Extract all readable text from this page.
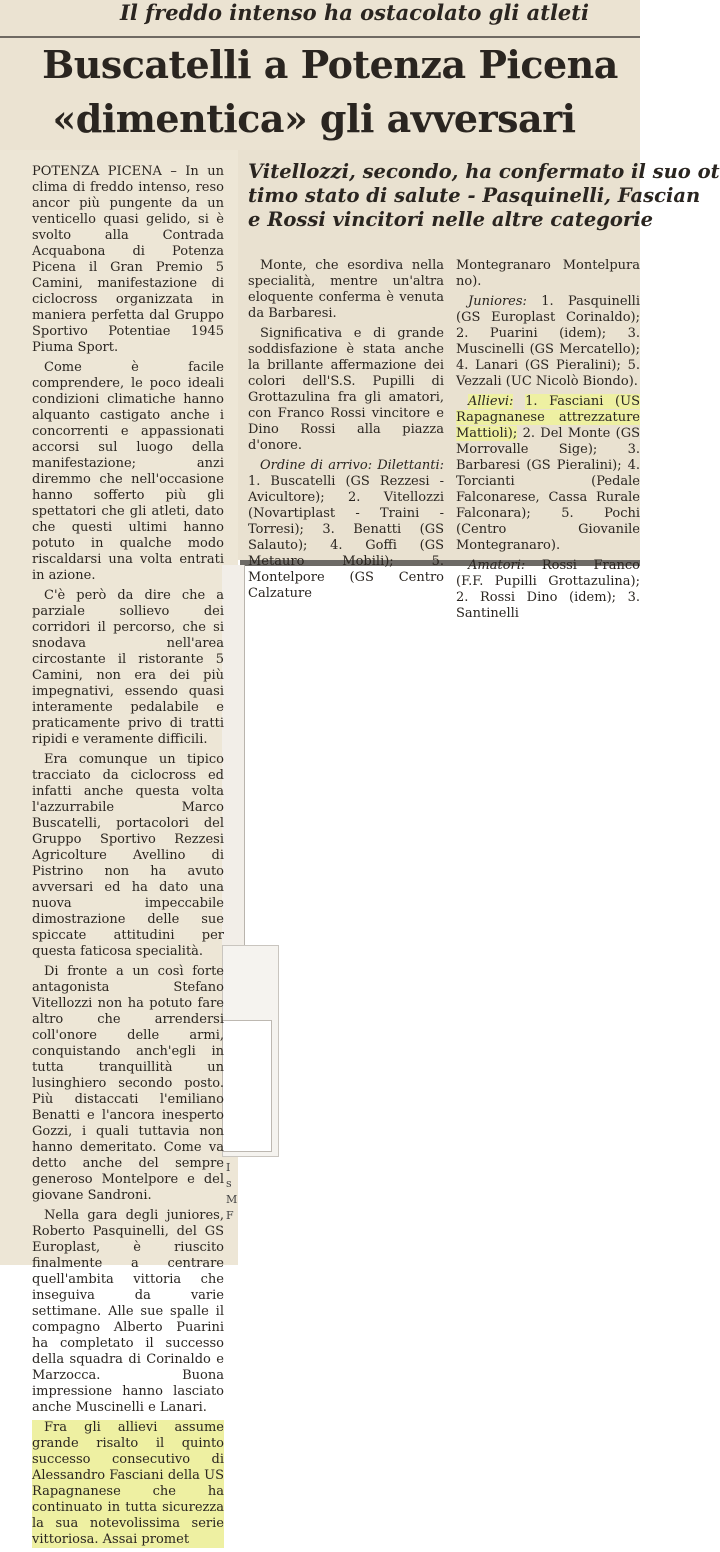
Il freddo intenso ha ostacolato gli atleti
Buscatelli a Potenza Picena
«dimentica» gli avversari
Vitellozzi, secondo, ha confermato il suo ot
timo stato di salute - Pasquinelli, Fascian
e Rossi vincitori nelle altre categorie

POTENZA PICENA – In un clima di freddo intenso, reso ancor più pungente da un venticello quasi gelido, si è svolto alla Contrada Acquabona di Potenza Picena il Gran Premio 5 Camini, manifestazione di ciclocross organizzata in maniera perfetta dal Gruppo Sportivo Potentiae 1945 Piuma Sport.

Come è facile comprendere, le poco ideali condizioni climatiche hanno alquanto castigato anche i concorrenti e appassionati accorsi sul luogo della manifestazione; anzi diremmo che nell'occasione hanno sofferto più gli spettatori che gli atleti, dato che questi ultimi hanno potuto in qualche modo riscaldarsi una volta entrati in azione.

C'è però da dire che a parziale sollievo dei corridori il percorso, che si snodava nell'area circostante il ristorante 5 Camini, non era dei più impegnativi, essendo quasi interamente pedalabile e praticamente privo di tratti ripidi e veramente difficili.

Era comunque un tipico tracciato da ciclocross ed infatti anche questa volta l'azzurrabile Marco Buscatelli, portacolori del Gruppo Sportivo Rezzesi Agricolture Avellino di Pistrino non ha avuto avversari ed ha dato una nuova impeccabile dimostrazione delle sue spiccate attitudini per questa faticosa specialità.

Di fronte a un così forte antagonista Stefano Vitellozzi non ha potuto fare altro che arrendersi coll'onore delle armi, conquistando anch'egli in tutta tranquillità un lusinghiero secondo posto. Più distaccati l'emiliano Benatti e l'ancora inesperto Gozzi, i quali tuttavia non hanno demeritato. Come va detto anche del sempre generoso Montelpore e del giovane Sandroni.

Nella gara degli juniores, Roberto Pasquinelli, del GS Europlast, è riuscito finalmente a centrare quell'ambita vittoria che inseguiva da varie settimane. Alle sue spalle il compagno Alberto Puarini ha completato il successo della squadra di Corinaldo e Marzocca. Buona impressione hanno lasciato anche Muscinelli e Lanari.

Fra gli allievi assume grande risalto il quinto successo consecutivo di Alessandro Fasciani della US Rapagnanese che ha continuato in tutta sicurezza la sua notevolissima serie vittoriosa. Assai promet

Monte, che esordiva nella specialità, mentre un'altra eloquente conferma è venuta da Barbaresi.

Significativa e di grande soddisfazione è stata anche la brillante affermazione dei colori dell'S.S. Pupilli di Grottazulina fra gli amatori, con Franco Rossi vincitore e Dino Rossi alla piazza d'onore.

Ordine di arrivo: Dilettanti: 1. Buscatelli (GS Rezzesi - Avicultore); 2. Vitellozzi (Novartiplast - Traini - Torresi); 3. Benatti (GS Salauto); 4. Goffi (GS Metauro Mobili); 5. Montelpore (GS Centro Calzature

Montegranaro Montelpura no).

Juniores: 1. Pasquinelli (GS Europlast Corinaldo); 2. Puarini (idem); 3. Muscinelli (GS Mercatello); 4. Lanari (GS Pieralini); 5. Vezzali (UC Nicolò Biondo).

Allievi: 1. Fasciani (US Rapagnanese attrezzature Mattioli); 2. Del Monte (GS Morrovalle Sige); 3. Barbaresi (GS Pieralini); 4. Torcianti (Pedale Falconarese, Cassa Rurale Falconara); 5. Pochi (Centro Giovanile Montegranaro).

Amatori: Rossi Franco (F.F. Pupilli Grottazulina); 2. Rossi Dino (idem); 3. Santinelli

I
s
M
F
